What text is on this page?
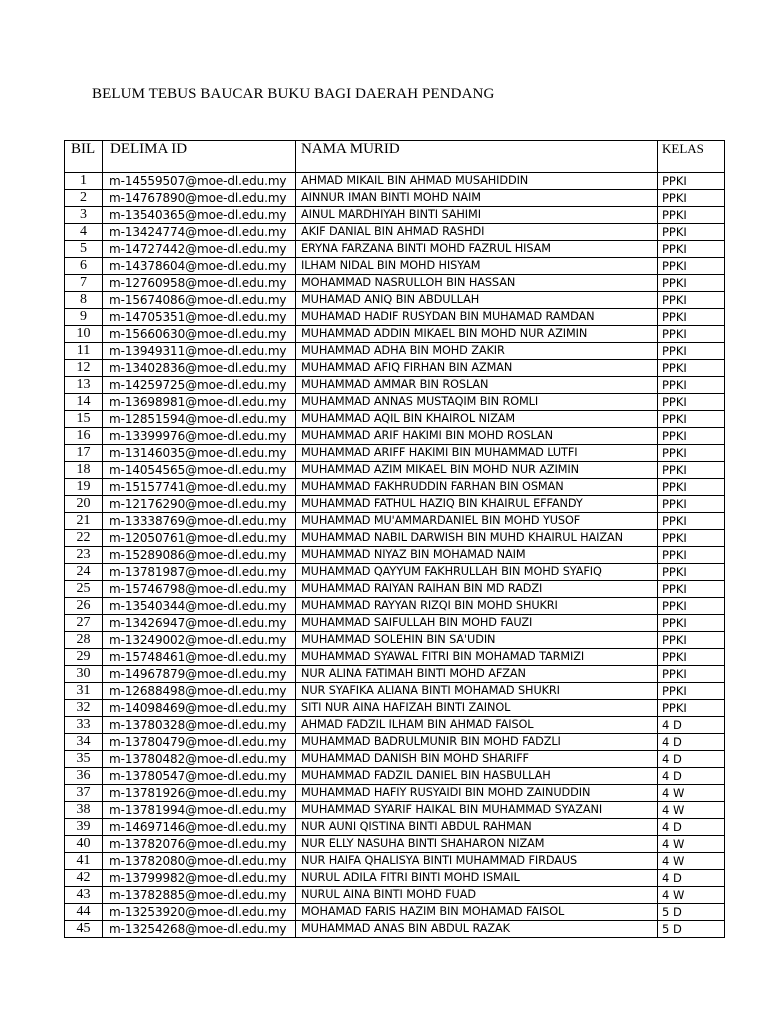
BELUM TEBUS BAUCAR BUKU BAGI DAERAH PENDANG
BIL	DELIMA ID	NAMA MURID	KELAS
1	m-14559507@moe-dl.edu.my	AHMAD MIKAIL BIN AHMAD MUSAHIDDIN	PPKI
2	m-14767890@moe-dl.edu.my	AINNUR IMAN BINTI MOHD NAIM	PPKI
3	m-13540365@moe-dl.edu.my	AINUL MARDHIYAH BINTI SAHIMI	PPKI
4	m-13424774@moe-dl.edu.my	AKIF DANIAL BIN AHMAD RASHDI	PPKI
5	m-14727442@moe-dl.edu.my	ERYNA FARZANA BINTI MOHD FAZRUL HISAM	PPKI
6	m-14378604@moe-dl.edu.my	ILHAM NIDAL BIN MOHD HISYAM	PPKI
7	m-12760958@moe-dl.edu.my	MOHAMMAD NASRULLOH BIN HASSAN	PPKI
8	m-15674086@moe-dl.edu.my	MUHAMAD ANIQ BIN ABDULLAH	PPKI
9	m-14705351@moe-dl.edu.my	MUHAMAD HADIF RUSYDAN BIN MUHAMAD RAMDAN	PPKI
10	m-15660630@moe-dl.edu.my	MUHAMMAD ADDIN MIKAEL BIN MOHD NUR AZIMIN	PPKI
11	m-13949311@moe-dl.edu.my	MUHAMMAD ADHA BIN MOHD ZAKIR	PPKI
12	m-13402836@moe-dl.edu.my	MUHAMMAD AFIQ FIRHAN BIN AZMAN	PPKI
13	m-14259725@moe-dl.edu.my	MUHAMMAD AMMAR BIN ROSLAN	PPKI
14	m-13698981@moe-dl.edu.my	MUHAMMAD ANNAS MUSTAQIM BIN ROMLI	PPKI
15	m-12851594@moe-dl.edu.my	MUHAMMAD AQIL BIN KHAIROL NIZAM	PPKI
16	m-13399976@moe-dl.edu.my	MUHAMMAD ARIF HAKIMI BIN MOHD ROSLAN	PPKI
17	m-13146035@moe-dl.edu.my	MUHAMMAD ARIFF HAKIMI BIN MUHAMMAD LUTFI	PPKI
18	m-14054565@moe-dl.edu.my	MUHAMMAD AZIM MIKAEL BIN MOHD NUR AZIMIN	PPKI
19	m-15157741@moe-dl.edu.my	MUHAMMAD FAKHRUDDIN FARHAN BIN OSMAN	PPKI
20	m-12176290@moe-dl.edu.my	MUHAMMAD FATHUL HAZIQ BIN KHAIRUL EFFANDY	PPKI
21	m-13338769@moe-dl.edu.my	MUHAMMAD MU'AMMARDANIEL BIN MOHD YUSOF	PPKI
22	m-12050761@moe-dl.edu.my	MUHAMMAD NABIL DARWISH BIN MUHD KHAIRUL HAIZAN	PPKI
23	m-15289086@moe-dl.edu.my	MUHAMMAD NIYAZ BIN MOHAMAD NAIM	PPKI
24	m-13781987@moe-dl.edu.my	MUHAMMAD QAYYUM FAKHRULLAH BIN MOHD SYAFIQ	PPKI
25	m-15746798@moe-dl.edu.my	MUHAMMAD RAIYAN RAIHAN BIN MD RADZI	PPKI
26	m-13540344@moe-dl.edu.my	MUHAMMAD RAYYAN RIZQI BIN MOHD SHUKRI	PPKI
27	m-13426947@moe-dl.edu.my	MUHAMMAD SAIFULLAH BIN MOHD FAUZI	PPKI
28	m-13249002@moe-dl.edu.my	MUHAMMAD SOLEHIN BIN SA'UDIN	PPKI
29	m-15748461@moe-dl.edu.my	MUHAMMAD SYAWAL FITRI BIN MOHAMAD TARMIZI	PPKI
30	m-14967879@moe-dl.edu.my	NUR ALINA FATIMAH BINTI MOHD AFZAN	PPKI
31	m-12688498@moe-dl.edu.my	NUR SYAFIKA ALIANA BINTI MOHAMAD SHUKRI	PPKI
32	m-14098469@moe-dl.edu.my	SITI NUR AINA HAFIZAH BINTI ZAINOL	PPKI
33	m-13780328@moe-dl.edu.my	AHMAD FADZIL ILHAM BIN AHMAD FAISOL	4 D
34	m-13780479@moe-dl.edu.my	MUHAMMAD BADRULMUNIR BIN MOHD FADZLI	4 D
35	m-13780482@moe-dl.edu.my	MUHAMMAD DANISH BIN MOHD SHARIFF	4 D
36	m-13780547@moe-dl.edu.my	MUHAMMAD FADZIL DANIEL BIN HASBULLAH	4 D
37	m-13781926@moe-dl.edu.my	MUHAMMAD HAFIY RUSYAIDI BIN MOHD ZAINUDDIN	4 W
38	m-13781994@moe-dl.edu.my	MUHAMMAD SYARIF HAIKAL BIN MUHAMMAD SYAZANI	4 W
39	m-14697146@moe-dl.edu.my	NUR AUNI QISTINA BINTI ABDUL RAHMAN	4 D
40	m-13782076@moe-dl.edu.my	NUR ELLY NASUHA BINTI SHAHARON NIZAM	4 W
41	m-13782080@moe-dl.edu.my	NUR HAIFA QHALISYA BINTI MUHAMMAD FIRDAUS	4 W
42	m-13799982@moe-dl.edu.my	NURUL ADILA FITRI BINTI MOHD ISMAIL	4 D
43	m-13782885@moe-dl.edu.my	NURUL AINA BINTI MOHD FUAD	4 W
44	m-13253920@moe-dl.edu.my	MOHAMAD FARIS HAZIM BIN MOHAMAD FAISOL	5 D
45	m-13254268@moe-dl.edu.my	MUHAMMAD ANAS BIN ABDUL RAZAK	5 D
